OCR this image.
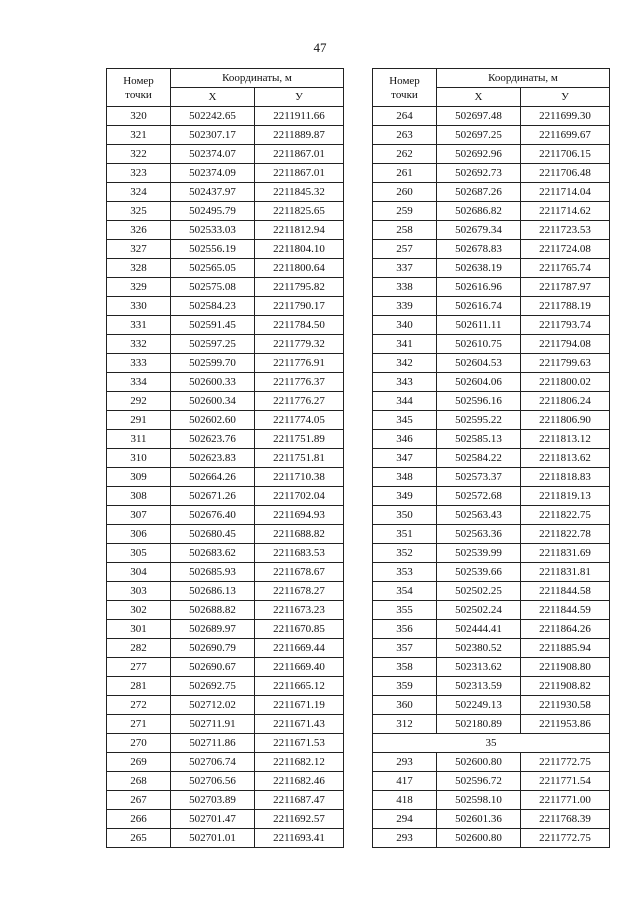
47
Номер
точки	Координаты, м	
	X	У
320	502242.65	2211911.66
321	502307.17	2211889.87
322	502374.07	2211867.01
323	502374.09	2211867.01
324	502437.97	2211845.32
325	502495.79	2211825.65
326	502533.03	2211812.94
327	502556.19	2211804.10
328	502565.05	2211800.64
329	502575.08	2211795.82
330	502584.23	2211790.17
331	502591.45	2211784.50
332	502597.25	2211779.32
333	502599.70	2211776.91
334	502600.33	2211776.37
292	502600.34	2211776.27
291	502602.60	2211774.05
311	502623.76	2211751.89
310	502623.83	2211751.81
309	502664.26	2211710.38
308	502671.26	2211702.04
307	502676.40	2211694.93
306	502680.45	2211688.82
305	502683.62	2211683.53
304	502685.93	2211678.67
303	502686.13	2211678.27
302	502688.82	2211673.23
301	502689.97	2211670.85
282	502690.79	2211669.44
277	502690.67	2211669.40
281	502692.75	2211665.12
272	502712.02	2211671.19
271	502711.91	2211671.43
270	502711.86	2211671.53
269	502706.74	2211682.12
268	502706.56	2211682.46
267	502703.89	2211687.47
266	502701.47	2211692.57
265	502701.01	2211693.41
Номер
точки	Координаты, м	
	X	У
264	502697.48	2211699.30
263	502697.25	2211699.67
262	502692.96	2211706.15
261	502692.73	2211706.48
260	502687.26	2211714.04
259	502686.82	2211714.62
258	502679.34	2211723.53
257	502678.83	2211724.08
337	502638.19	2211765.74
338	502616.96	2211787.97
339	502616.74	2211788.19
340	502611.11	2211793.74
341	502610.75	2211794.08
342	502604.53	2211799.63
343	502604.06	2211800.02
344	502596.16	2211806.24
345	502595.22	2211806.90
346	502585.13	2211813.12
347	502584.22	2211813.62
348	502573.37	2211818.83
349	502572.68	2211819.13
350	502563.43	2211822.75
351	502563.36	2211822.78
352	502539.99	2211831.69
353	502539.66	2211831.81
354	502502.25	2211844.58
355	502502.24	2211844.59
356	502444.41	2211864.26
357	502380.52	2211885.94
358	502313.62	2211908.80
359	502313.59	2211908.82
360	502249.13	2211930.58
312	502180.89	2211953.86
35		
293	502600.80	2211772.75
417	502596.72	2211771.54
418	502598.10	2211771.00
294	502601.36	2211768.39
293	502600.80	2211772.75
